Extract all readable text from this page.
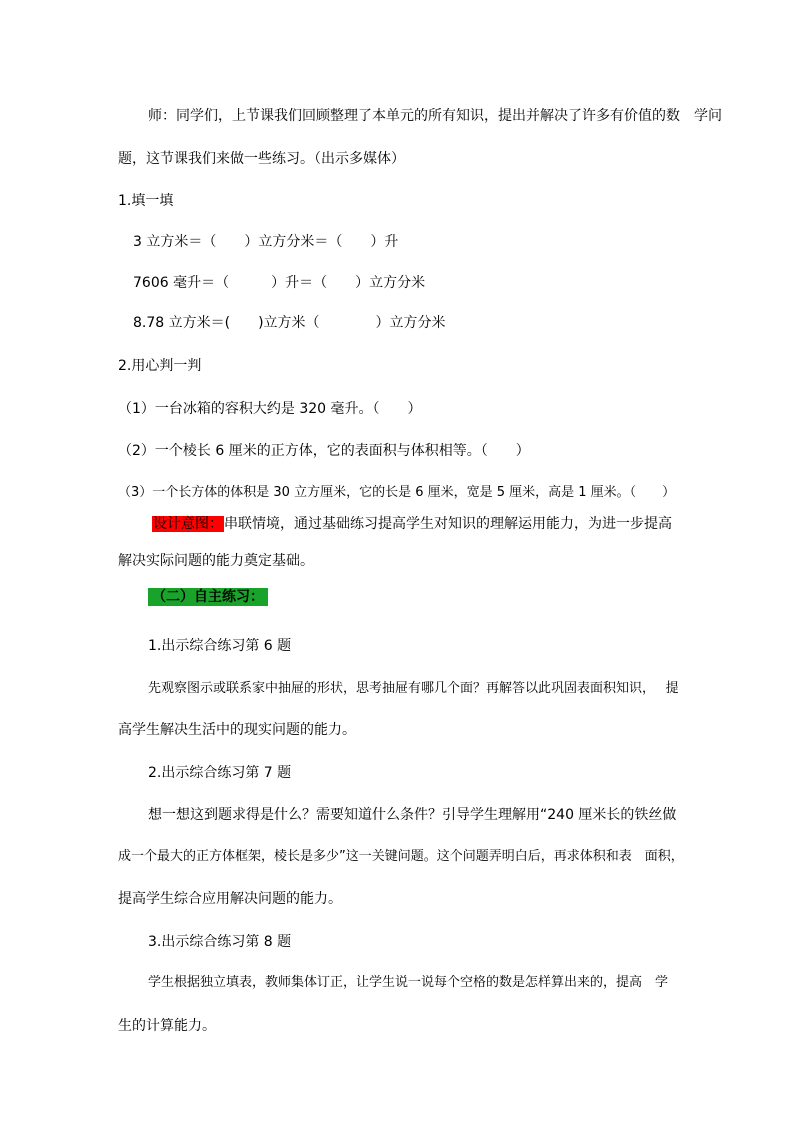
师：同学们，上节课我们回顾整理了本单元的所有知识，提出并解决了许多有价值的数　学问
题，这节课我们来做一些练习。（出示多媒体）
1.填一填
3 立方米＝（　　）立方分米＝（　　）升
7606 毫升＝（　　　）升＝（　　）立方分米
8.78 立方米＝(　　)立方米（　　　　）立方分米
2.用心判一判
（1）一台冰箱的容积大约是 320 毫升。（　　）
（2）一个棱长 6 厘米的正方体，它的表面积与体积相等。（　　）
（3）一个长方体的体积是 30 立方厘米，它的长是 6 厘米，宽是 5 厘米，高是 1 厘米。（　　）
设计意图：串联情境，通过基础练习提高学生对知识的理解运用能力，为进一步提高
解决实际问题的能力奠定基础。
（二）自主练习：
1.出示综合练习第 6 题
先观察图示或联系家中抽屉的形状，思考抽屉有哪几个面？再解答以此巩固表面积知识，　 提
高学生解决生活中的现实问题的能力。
2.出示综合练习第 7 题
想一想这到题求得是什么？需要知道什么条件？引导学生理解用“240 厘米长的铁丝做
成一个最大的正方体框架，棱长是多少”这一关键问题。这个问题弄明白后，再求体积和表　面积，
提高学生综合应用解决问题的能力。
3.出示综合练习第 8 题
学生根据独立填表，教师集体订正，让学生说一说每个空格的数是怎样算出来的，提高　学
生的计算能力。
